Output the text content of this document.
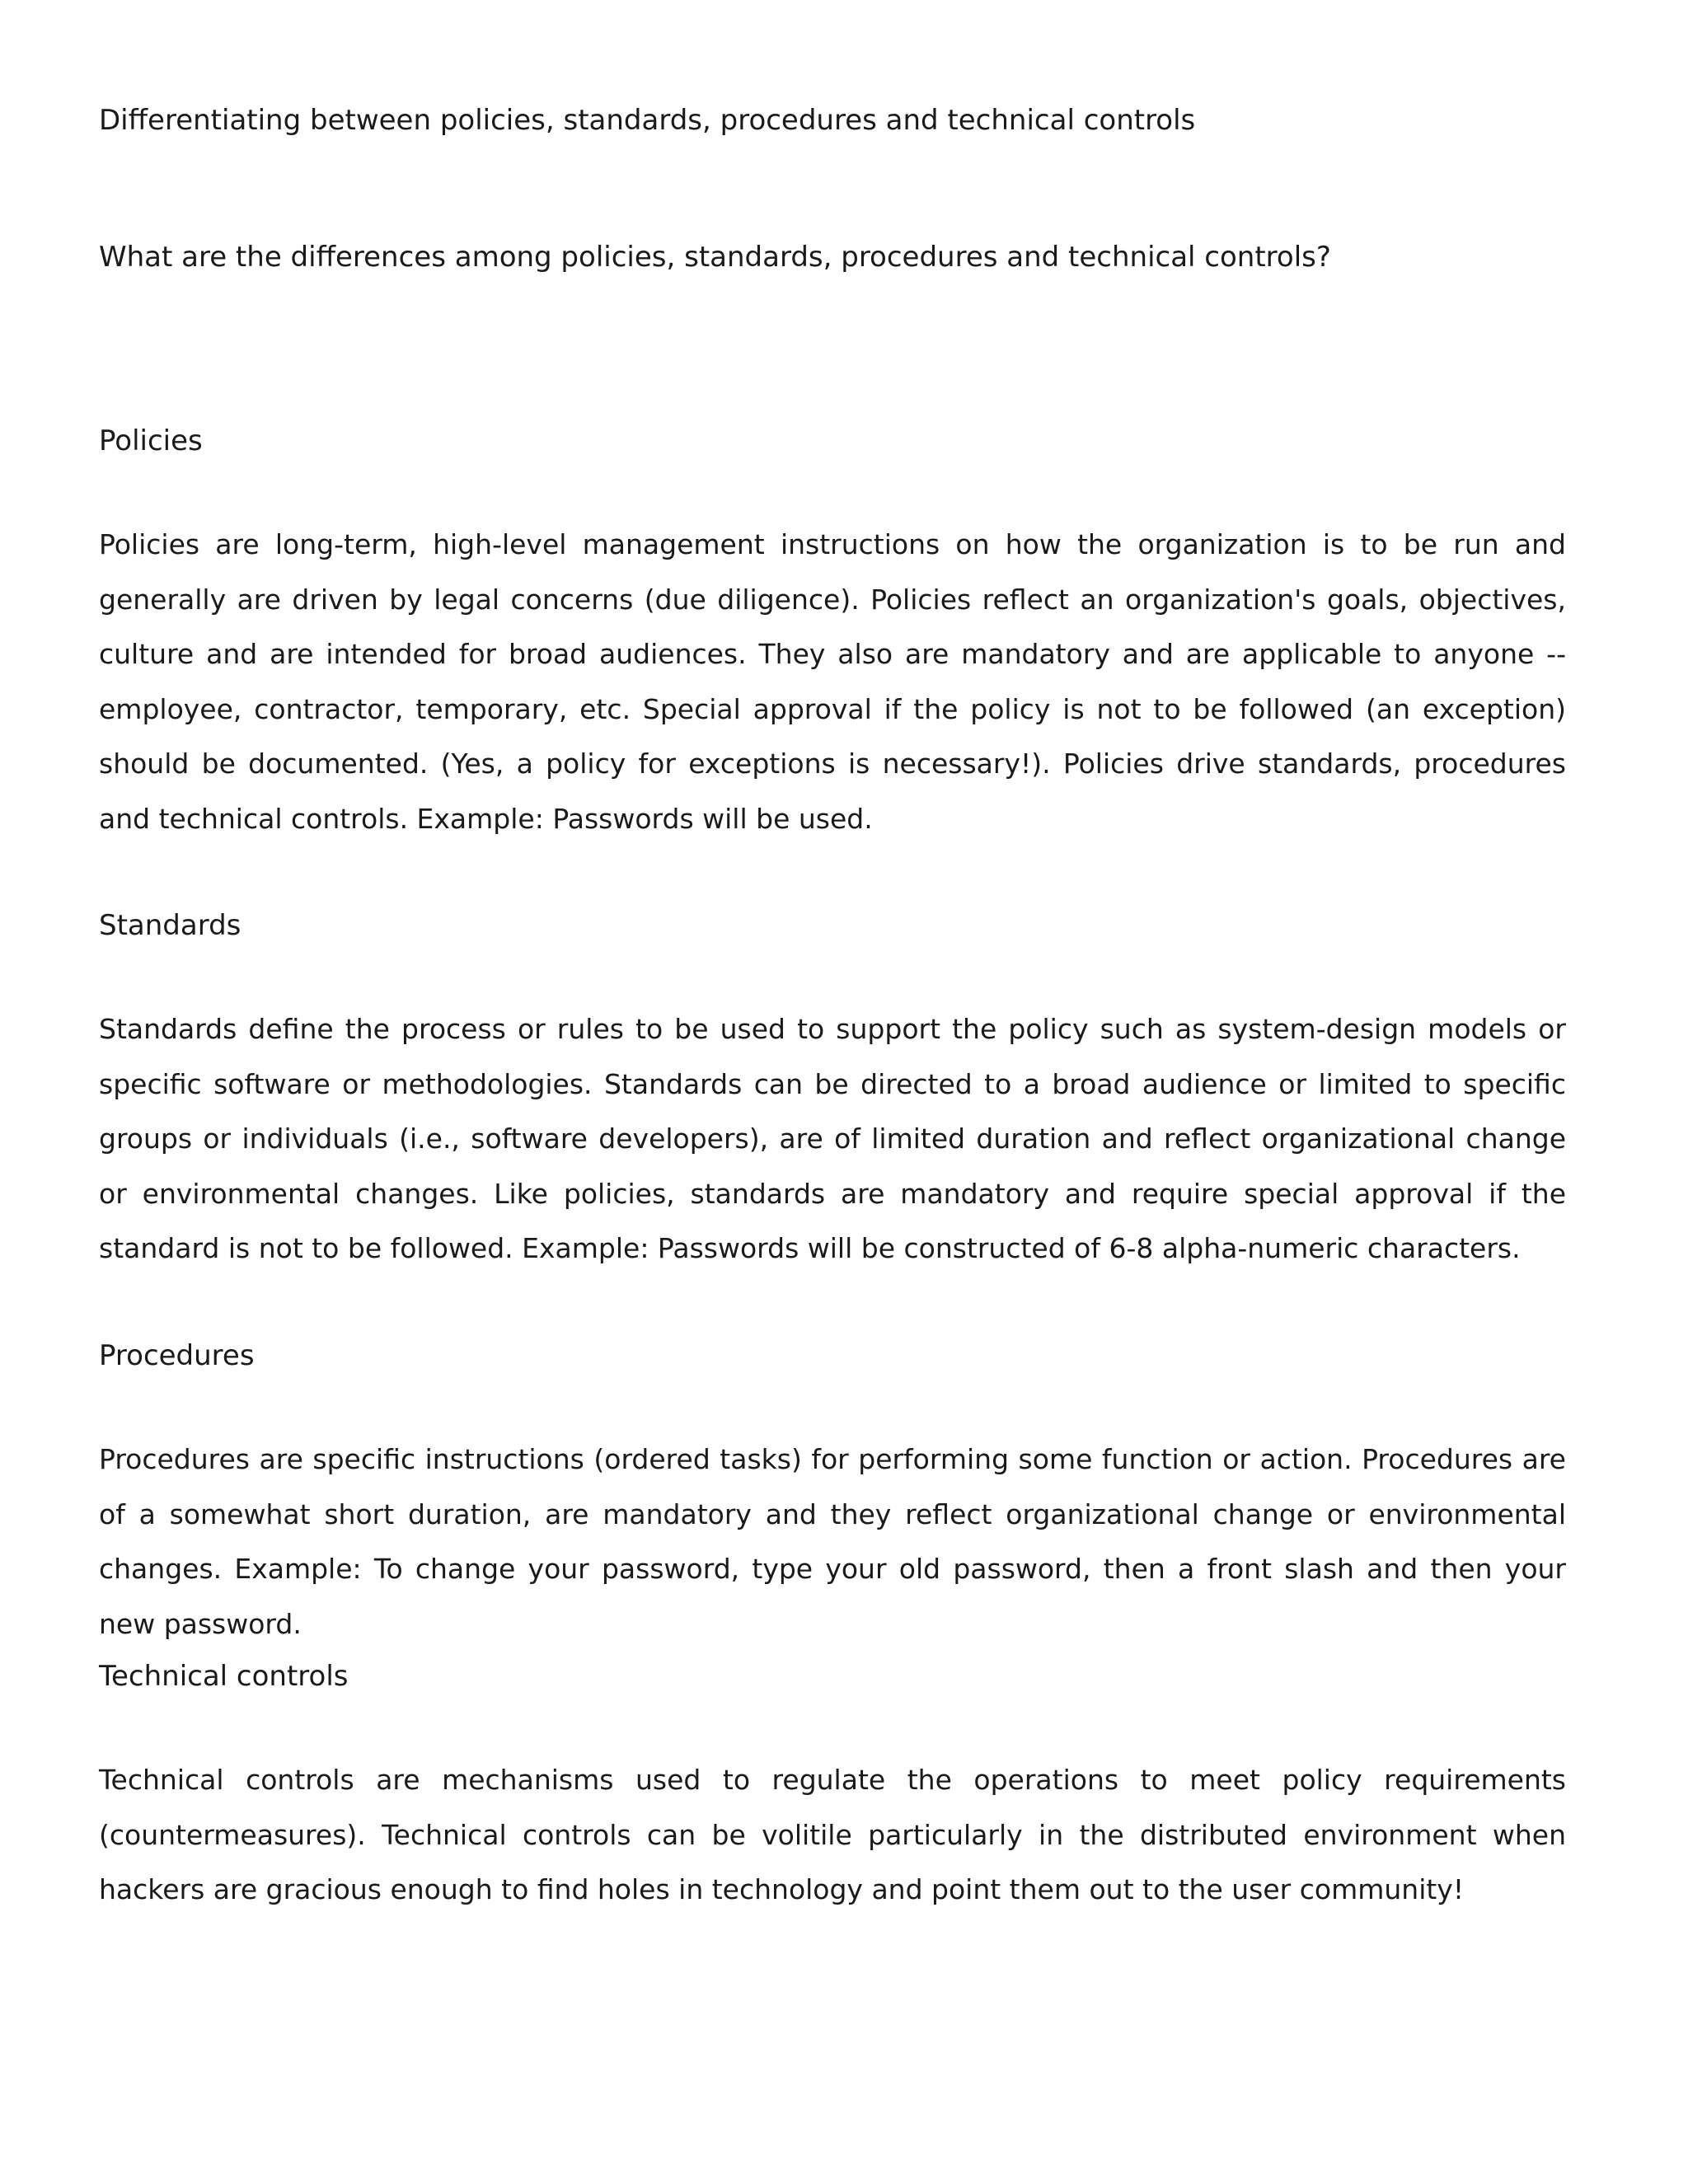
Differentiating between policies, standards, procedures and technical controls
What are the differences among policies, standards, procedures and technical controls?
Policies

Policies are long-term, high-level management instructions on how the organization is to be run and generally are driven by legal concerns (due diligence). Policies reflect an organization's goals, objectives, culture and are intended for broad audiences. They also are mandatory and are applicable to anyone -- employee, contractor, temporary, etc. Special approval if the policy is not to be followed (an exception) should be documented. (Yes, a policy for exceptions is necessary!). Policies drive standards, procedures and technical controls. Example: Passwords will be used.

Standards

Standards define the process or rules to be used to support the policy such as system-design models or specific software or methodologies. Standards can be directed to a broad audience or limited to specific groups or individuals (i.e., software developers), are of limited duration and reflect organizational change or environmental changes. Like policies, standards are mandatory and require special approval if the standard is not to be followed. Example: Passwords will be constructed of 6-8 alpha-numeric characters.

Procedures

Procedures are specific instructions (ordered tasks) for performing some function or action. Procedures are of a somewhat short duration, are mandatory and they reflect organizational change or environmental changes. Example: To change your password, type your old password, then a front slash and then your new password.

Technical controls

Technical controls are mechanisms used to regulate the operations to meet policy requirements (countermeasures). Technical controls can be volitile particularly in the distributed environment when hackers are gracious enough to find holes in technology and point them out to the user community!
